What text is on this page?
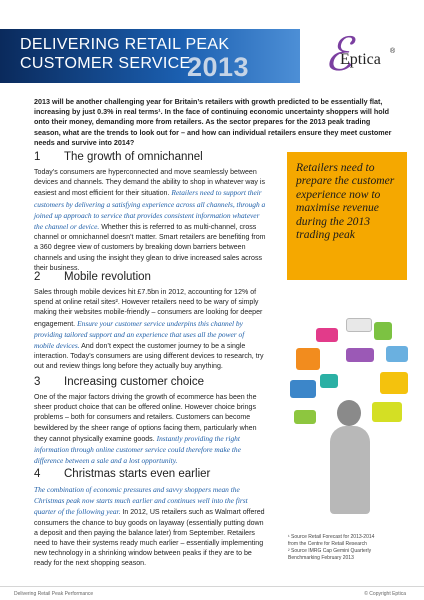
DELIVERING RETAIL PEAK
CUSTOMER SERVICE
2013 ℰ
Eptica ®

2013 will be another challenging year for Britain’s retailers with growth predicted to be essentially flat, increasing by just 0.3% in real terms¹. In the face of continuing economic uncertainty shoppers will hold onto their money, demanding more from retailers. As the sector prepares for the 2013 peak trading season, what are the trends to look out for – and how can individual retailers ensure they meet customer needs and survive into 2014?

1 The growth of omnichannel

Today’s consumers are hyperconnected and move seamlessly between devices and channels. They demand the ability to shop in whatever way is easiest and most efficient for their situation. Retailers need to support their customers by delivering a satisfying experience across all channels, through a joined up approach to service that provides consistent information whatever the channel or device. Whether this is referred to as multi-channel, cross channel or omnichannel doesn’t matter. Smart retailers are benefiting from a 360 degree view of customers by breaking down barriers between channels and using the insight they glean to drive increased sales across their business.

2 Mobile revolution

Sales through mobile devices hit £7.5bn in 2012, accounting for 12% of spend at online retail sites². However retailers need to be wary of simply making their websites mobile-friendly – consumers are looking for deeper engagement. Ensure your customer service underpins this channel by providing tailored support and an experience that uses all the power of mobile devices. And don’t expect the customer journey to be a single interaction. Today’s consumers are using different devices to research, try out and review things long before they actually buy anything.

3 Increasing customer choice

One of the major factors driving the growth of ecommerce has been the sheer product choice that can be offered online. However choice brings problems – both for consumers and retailers. Customers can become bewildered by the sheer range of options facing them, particularly when they cannot physically examine goods. Instantly providing the right information through online customer service could therefore make the difference between a sale and a lost opportunity.

4 Christmas starts even earlier

The combination of economic pressures and savvy shoppers mean the Christmas peak now starts much earlier and continues well into the first quarter of the following year. In 2012, US retailers such as Walmart offered consumers the chance to buy goods on layaway (essentially putting down a deposit and then paying the balance later) from September. Retailers need to have their systems ready much earlier – essentially implementing new technology in a shrinking window between peaks if they are to be ready for the next shopping season.

Retailers need to prepare the customer experience now to maximise revenue during the 2013 trading peak

¹ Source Retail Forecast for 2013-2014
from the Centre for Retail Research
² Source IMRG Cap Gemini Quarterly
Benchmarking February 2013
Delivering Retail Peak Performance	© Copyright Eptica
